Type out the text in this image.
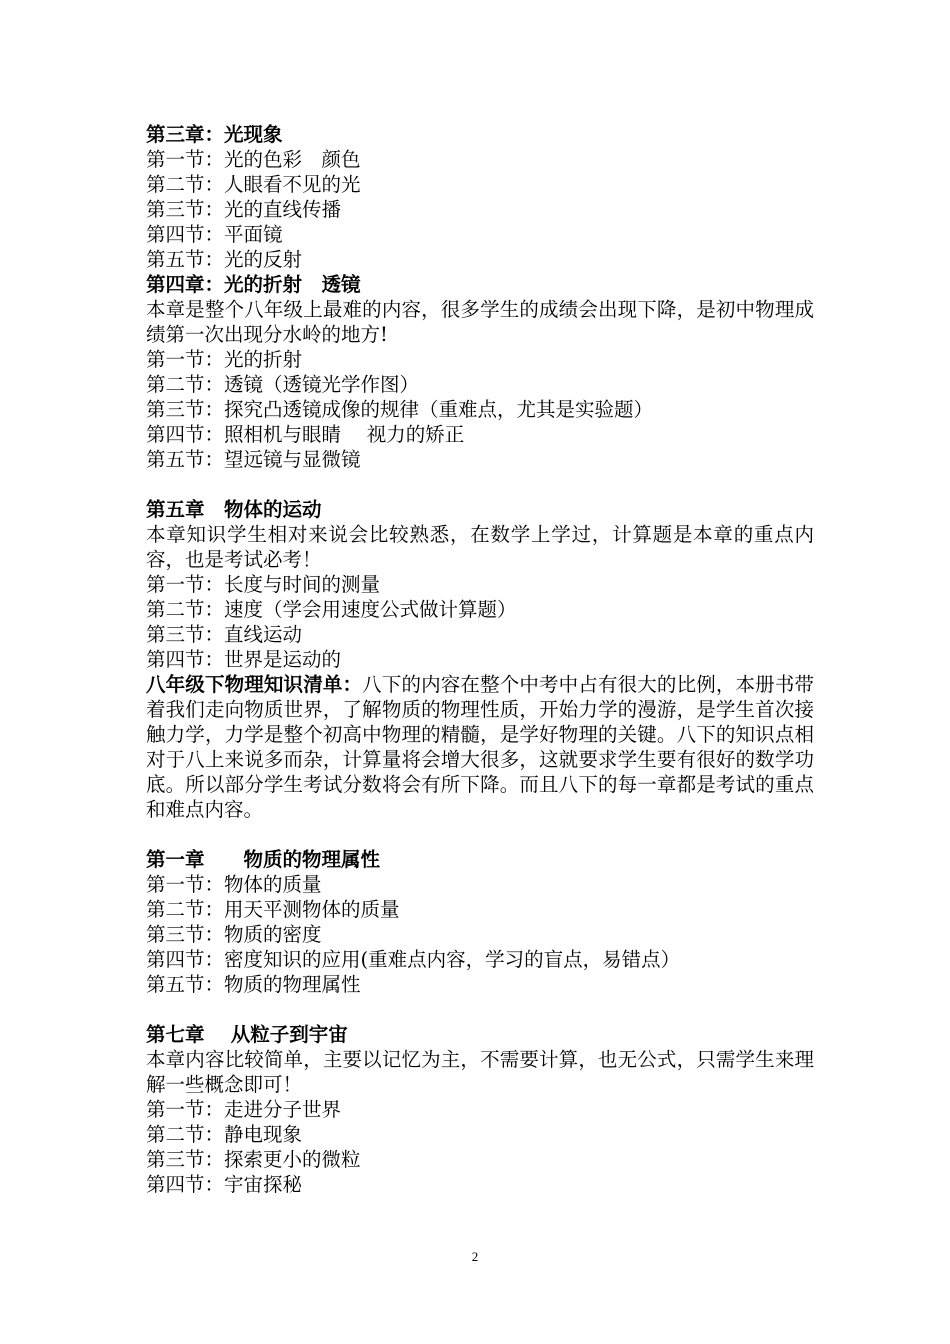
第三章：光现象
第一节：光的色彩　颜色
第二节：人眼看不见的光
第三节：光的直线传播
第四节：平面镜
第五节：光的反射
第四章：光的折射　透镜
本章是整个八年级上最难的内容，很多学生的成绩会出现下降，是初中物理成绩第一次出现分水岭的地方!
第一节：光的折射
第二节：透镜（透镜光学作图）
第三节：探究凸透镜成像的规律（重难点，尤其是实验题）
第四节：照相机与眼睛　 视力的矫正
第五节：望远镜与显微镜
第五章　物体的运动
本章知识学生相对来说会比较熟悉，在数学上学过，计算题是本章的重点内容，也是考试必考！
第一节：长度与时间的测量
第二节：速度（学会用速度公式做计算题）
第三节：直线运动
第四节：世界是运动的
八年级下物理知识清单：八下的内容在整个中考中占有很大的比例，本册书带着我们走向物质世界，了解物质的物理性质，开始力学的漫游，是学生首次接触力学，力学是整个初高中物理的精髓，是学好物理的关键。八下的知识点相对于八上来说多而杂，计算量将会增大很多，这就要求学生要有很好的数学功底。所以部分学生考试分数将会有所下降。而且八下的每一章都是考试的重点和难点内容。
第一章　　物质的物理属性
第一节：物体的质量
第二节：用天平测物体的质量
第三节：物质的密度
第四节：密度知识的应用(重难点内容，学习的盲点，易错点）
第五节：物质的物理属性
第七章　 从粒子到宇宙
本章内容比较简单，主要以记忆为主，不需要计算，也无公式，只需学生来理解一些概念即可！
第一节：走进分子世界
第二节：静电现象
第三节：探索更小的微粒
第四节：宇宙探秘
2
